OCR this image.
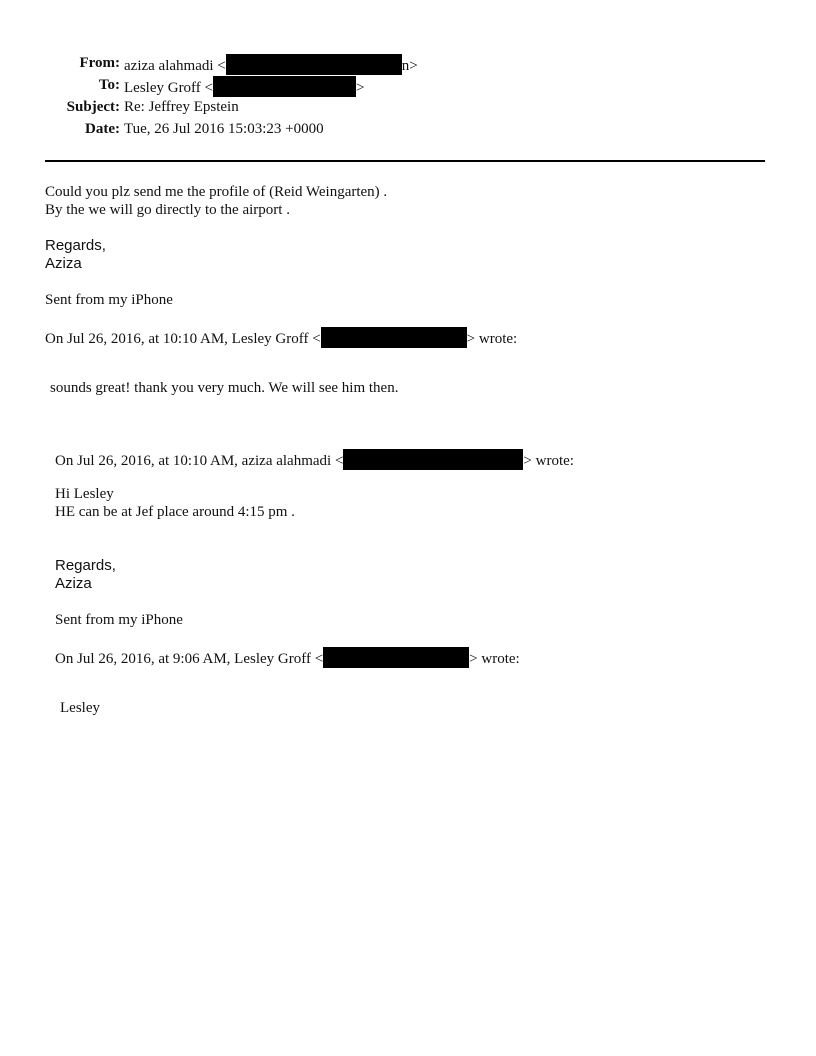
From: aziza alahmadi <	n>
To: Lesley Groff <	>
Subject: Re: Jeffrey Epstein
Date: Tue, 26 Jul 2016 15:03:23 +0000
Could you plz send me the profile of (Reid Weingarten) .
By the we will go directly to the airport .
Regards,
Aziza
Sent from my iPhone
On Jul 26, 2016, at 10:10 AM, Lesley Groff <	> wrote:
sounds great! thank you very much. We will see him then.
On Jul 26, 2016, at 10:10 AM, aziza alahmadi <	> wrote:
Hi Lesley
HE can be at Jef place around 4:15 pm .
Regards,
Aziza
Sent from my iPhone
On Jul 26, 2016, at 9:06 AM, Lesley Groff <	> wrote:
Lesley
